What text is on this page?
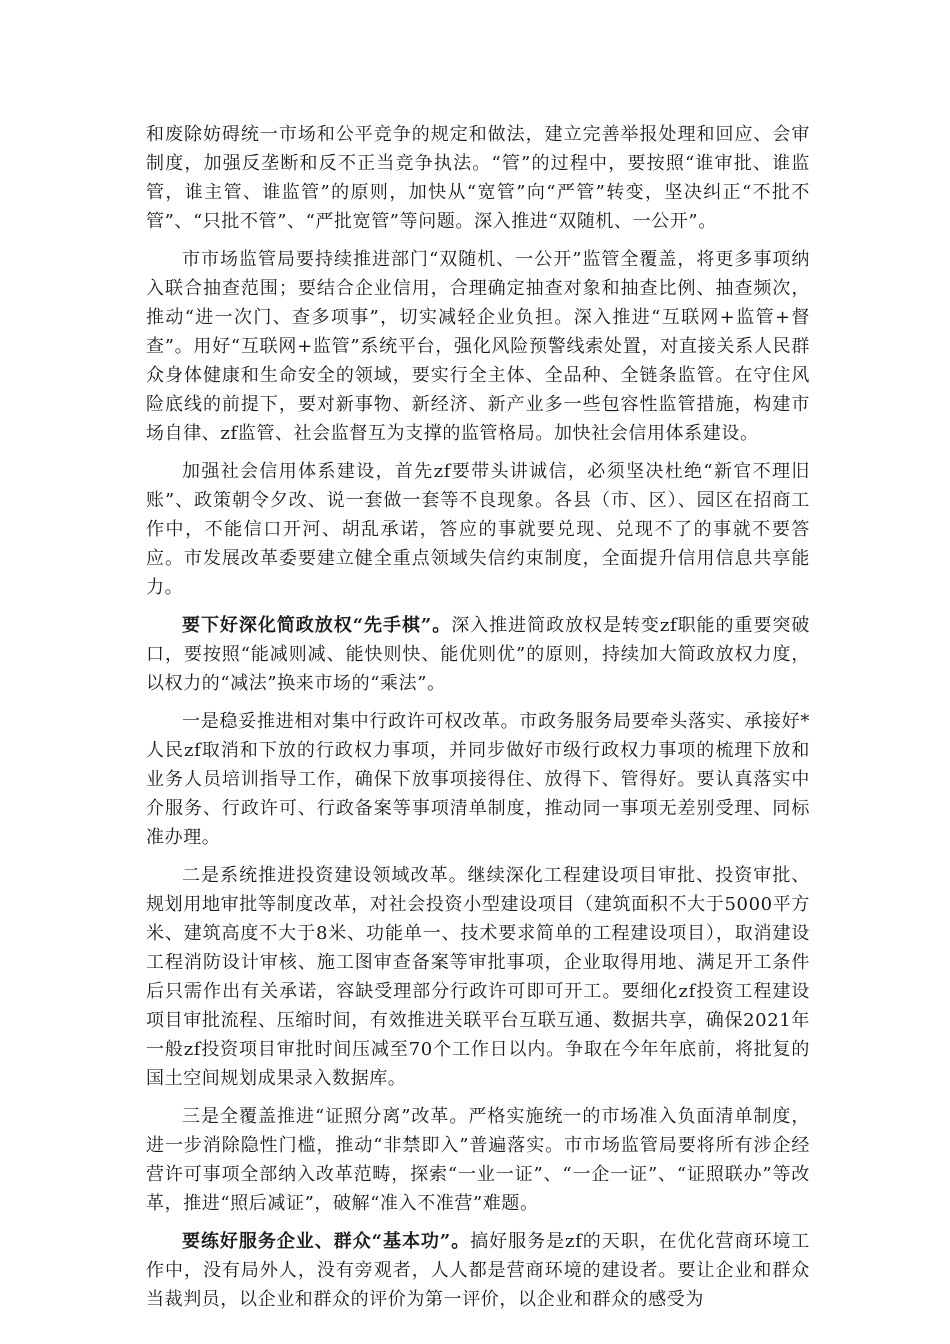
和废除妨碍统一市场和公平竞争的规定和做法，建立完善举报处理和回应、会审制度，加强反垄断和反不正当竞争执法。“管”的过程中，要按照“谁审批、谁监管，谁主管、谁监管”的原则，加快从“宽管”向“严管”转变，坚决纠正“不批不管”、“只批不管”、“严批宽管”等问题。深入推进“双随机、一公开”。

市市场监管局要持续推进部门“双随机、一公开”监管全覆盖，将更多事项纳入联合抽查范围；要结合企业信用，合理确定抽查对象和抽查比例、抽查频次，推动“进一次门、查多项事”，切实减轻企业负担。深入推进“互联网+监管+督查”。用好“互联网+监管”系统平台，强化风险预警线索处置，对直接关系人民群众身体健康和生命安全的领域，要实行全主体、全品种、全链条监管。在守住风险底线的前提下，要对新事物、新经济、新产业多一些包容性监管措施，构建市场自律、zf监管、社会监督互为支撑的监管格局。加快社会信用体系建设。

加强社会信用体系建设，首先zf要带头讲诚信，必须坚决杜绝“新官不理旧账”、政策朝令夕改、说一套做一套等不良现象。各县（市、区）、园区在招商工作中，不能信口开河、胡乱承诺，答应的事就要兑现、兑现不了的事就不要答应。市发展改革委要建立健全重点领域失信约束制度，全面提升信用信息共享能力。

要下好深化简政放权“先手棋”。深入推进简政放权是转变zf职能的重要突破口，要按照“能减则减、能快则快、能优则优”的原则，持续加大简政放权力度，以权力的“减法”换来市场的“乘法”。

一是稳妥推进相对集中行政许可权改革。市政务服务局要牵头落实、承接好*人民zf取消和下放的行政权力事项，并同步做好市级行政权力事项的梳理下放和业务人员培训指导工作，确保下放事项接得住、放得下、管得好。要认真落实中介服务、行政许可、行政备案等事项清单制度，推动同一事项无差别受理、同标准办理。

二是系统推进投资建设领域改革。继续深化工程建设项目审批、投资审批、规划用地审批等制度改革，对社会投资小型建设项目（建筑面积不大于5000平方米、建筑高度不大于8米、功能单一、技术要求简单的工程建设项目），取消建设工程消防设计审核、施工图审查备案等审批事项，企业取得用地、满足开工条件后只需作出有关承诺，容缺受理部分行政许可即可开工。要细化zf投资工程建设项目审批流程、压缩时间，有效推进关联平台互联互通、数据共享，确保2021年一般zf投资项目审批时间压减至70个工作日以内。争取在今年年底前，将批复的国土空间规划成果录入数据库。

三是全覆盖推进“证照分离”改革。严格实施统一的市场准入负面清单制度，进一步消除隐性门槛，推动“非禁即入”普遍落实。市市场监管局要将所有涉企经营许可事项全部纳入改革范畴，探索“一业一证”、“一企一证”、“证照联办”等改革，推进“照后减证”，破解“准入不准营”难题。

要练好服务企业、群众“基本功”。搞好服务是zf的天职，在优化营商环境工作中，没有局外人，没有旁观者，人人都是营商环境的建设者。要让企业和群众当裁判员，以企业和群众的评价为第一评价，以企业和群众的感受为
